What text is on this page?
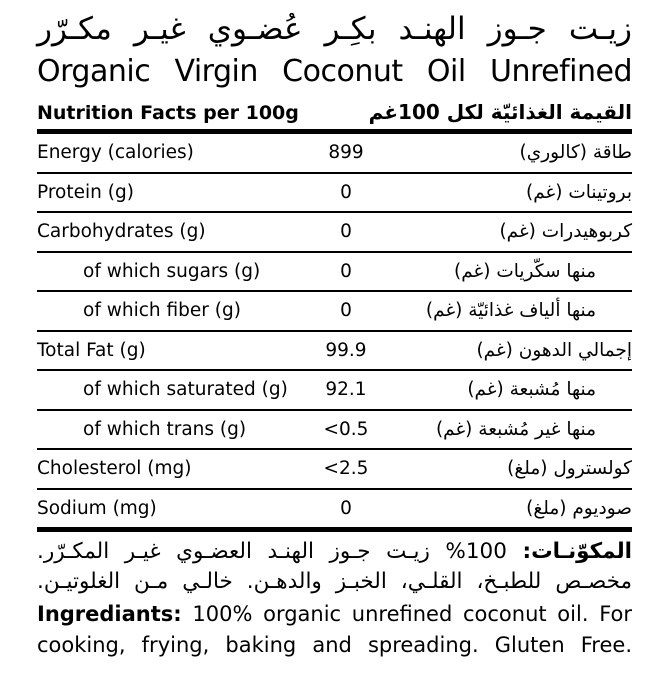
زيـت جـوز الهنـد بكِـر عُضـوي غيـر مكـرّر
Organic Virgin Coconut Oil Unrefined
Nutrition Facts per 100g	القيمة الغذائيّة لكل 100غم
Energy (calories)	899	طاقة (كالوري)
Protein (g)	0	بروتينات (غم)
Carbohydrates (g)	0	كربوهيدرات (غم)
of which sugars (g)	0	منها سكّريات (غم)
of which fiber (g)	0	منها ألياف غذائيّة (غم)
Total Fat (g)	99.9	إجمالي الدهون (غم)
of which saturated (g)	92.1	منها مُشبعة (غم)
of which trans (g)	<0.5	منها غير مُشبعة (غم)
Cholesterol (mg)	<2.5	كولسترول (ملغ)
Sodium (mg)	0	صوديوم (ملغ)

المكوّنـات: 100% زيـت جـوز الهنـد العضـوي غيـر المكـرّر. مخصـص للطبـخ، القلـي، الخبـز والدهـن. خالـي مـن الغلوتيـن.

Ingrediants: 100% organic unrefined coconut oil. For cooking, frying, baking and spreading. Gluten Free.
